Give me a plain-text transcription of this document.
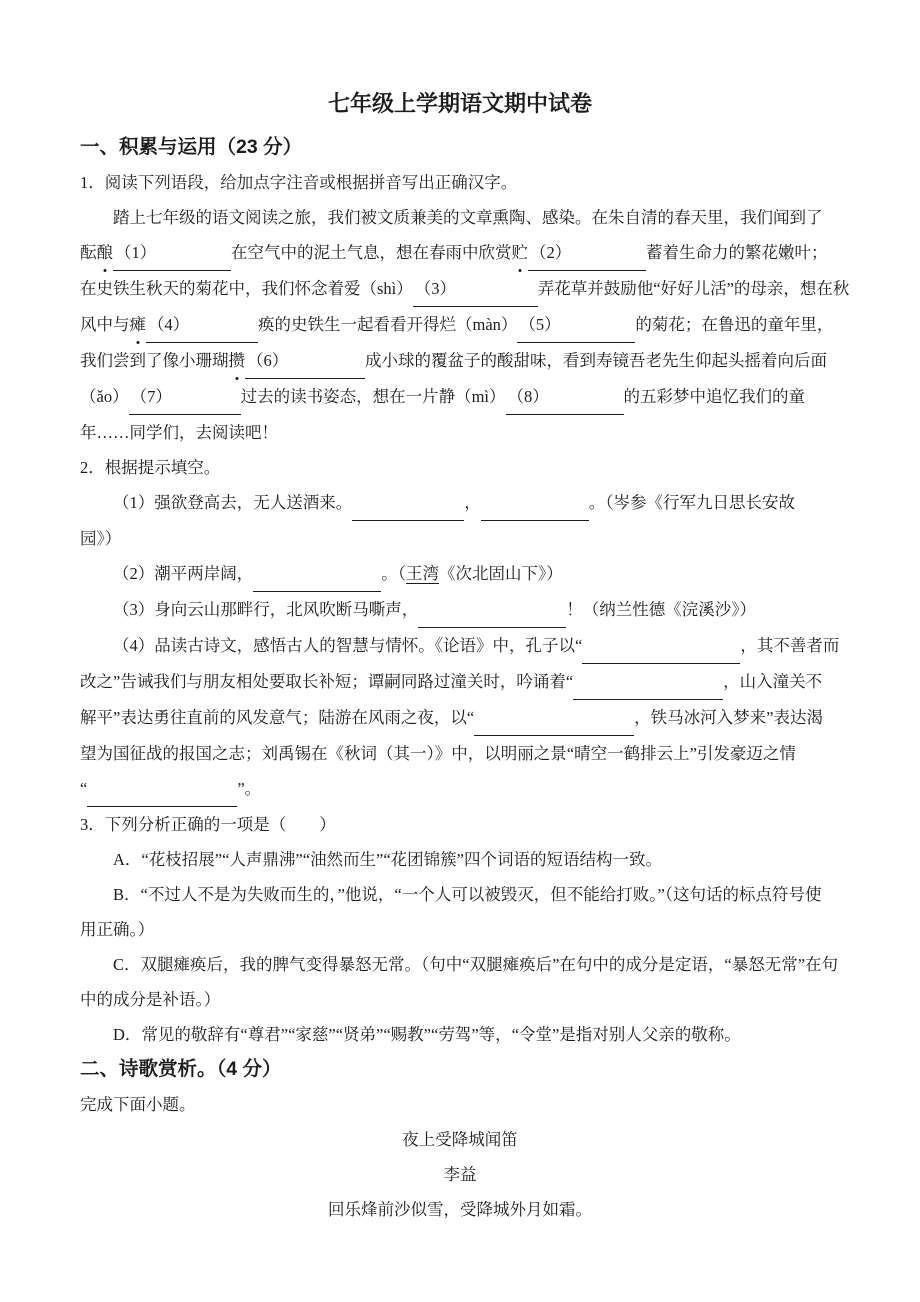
七年级上学期语文期中试卷
一、积累与运用（23 分）
1．阅读下列语段，给加点字注音或根据拼音写出正确汉字。
踏上七年级的语文阅读之旅，我们被文质兼美的文章熏陶、感染。在朱自清的春天里，我们闻到了
酝酿 （1）	在空气中的泥土气息，想在春雨中欣赏贮 （2）	蓄着生命力的繁花嫩叶；
在史铁生秋天的菊花中，我们怀念着爱（shì） （3）	弄花草并鼓励他“好好儿活”的母亲，想在秋
风中与瘫 （4）	痪的史铁生一起看看开得烂（màn） （5）	的菊花；在鲁迅的童年里，
我们尝到了像小珊瑚攒 （6）	成小球的覆盆子的酸甜味，看到寿镜吾老先生仰起头摇着向后面
（ǎo） （7）	过去的读书姿态，想在一片静（mì） （8）	的五彩梦中追忆我们的童
年……同学们，去阅读吧！
2．根据提示填空。
（1）强欲登高去，无人送酒来。	，	。（岑参《行军九日思长安故
园》）
（2）潮平两岸阔，	。（王湾《次北固山下》）
（3）身向云山那畔行，北风吹断马嘶声，	！（纳兰性德《浣溪沙》）
（4）品读古诗文，感悟古人的智慧与情怀。《论语》中，孔子以“	，其不善者而
改之”告诫我们与朋友相处要取长补短；谭嗣同路过潼关时，吟诵着“	，山入潼关不
解平”表达勇往直前的风发意气；陆游在风雨之夜，以“	，铁马冰河入梦来”表达渴
望为国征战的报国之志；刘禹锡在《秋词（其一）》中，以明丽之景“晴空一鹤排云上”引发豪迈之情
“	”。
3．下列分析正确的一项是（　　）
A．“花枝招展”“人声鼎沸”“油然而生”“花团锦簇”四个词语的短语结构一致。
B．“不过人不是为失败而生的，”他说，“一个人可以被毁灭，但不能给打败。”（这句话的标点符号使
用正确。）
C．双腿瘫痪后，我的脾气变得暴怒无常。（句中“双腿瘫痪后”在句中的成分是定语，“暴怒无常”在句
中的成分是补语。）
D．常见的敬辞有“尊君”“家慈”“贤弟”“赐教”“劳驾”等，“令堂”是指对别人父亲的敬称。
二、诗歌赏析。（4 分）
完成下面小题。
夜上受降城闻笛
李益
回乐烽前沙似雪，受降城外月如霜。
